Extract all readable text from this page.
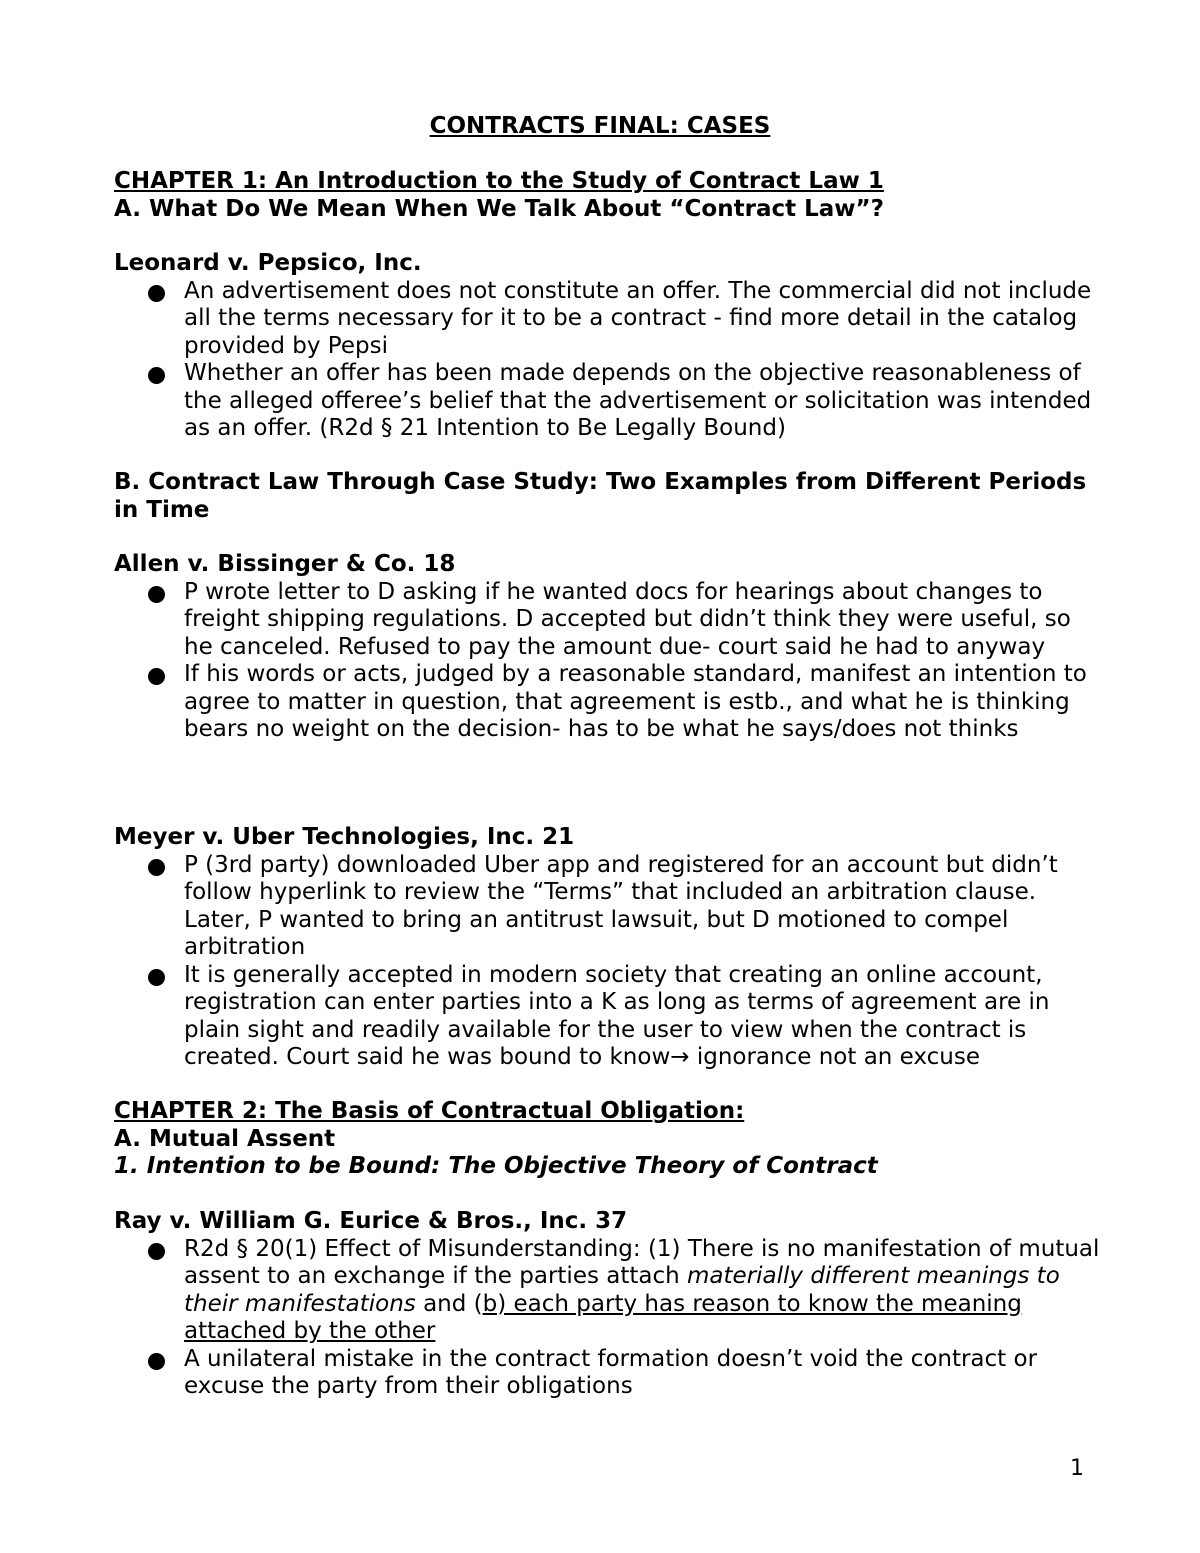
CONTRACTS FINAL: CASES
CHAPTER 1: An Introduction to the Study of Contract Law 1
A. What Do We Mean When We Talk About “Contract Law”?
Leonard v. Pepsico, Inc.
An advertisement does not constitute an offer. The commercial did not include all the terms necessary for it to be a contract - find more detail in the catalog provided by Pepsi
Whether an offer has been made depends on the objective reasonableness of the alleged offeree’s belief that the advertisement or solicitation was intended as an offer. (R2d § 21 Intention to Be Legally Bound)
B. Contract Law Through Case Study: Two Examples from Different Periods in Time
Allen v. Bissinger & Co. 18
P wrote letter to D asking if he wanted docs for hearings about changes to freight shipping regulations. D accepted but didn’t think they were useful, so he canceled. Refused to pay the amount due- court said he had to anyway
If his words or acts, judged by a reasonable standard, manifest an intention to agree to matter in question, that agreement is estb., and what he is thinking bears no weight on the decision- has to be what he says/does not thinks
Meyer v. Uber Technologies, Inc. 21
P (3rd party) downloaded Uber app and registered for an account but didn’t follow hyperlink to review the “Terms” that included an arbitration clause. Later, P wanted to bring an antitrust lawsuit, but D motioned to compel arbitration
It is generally accepted in modern society that creating an online account, registration can enter parties into a K as long as terms of agreement are in plain sight and readily available for the user to view when the contract is created. Court said he was bound to know→ ignorance not an excuse
CHAPTER 2: The Basis of Contractual Obligation:
A. Mutual Assent
1. Intention to be Bound: The Objective Theory of Contract
Ray v. William G. Eurice & Bros., Inc. 37
R2d § 20(1) Effect of Misunderstanding: (1) There is no manifestation of mutual assent to an exchange if the parties attach materially different meanings to their manifestations and (b) each party has reason to know the meaning attached by the other
A unilateral mistake in the contract formation doesn’t void the contract or excuse the party from their obligations
1
